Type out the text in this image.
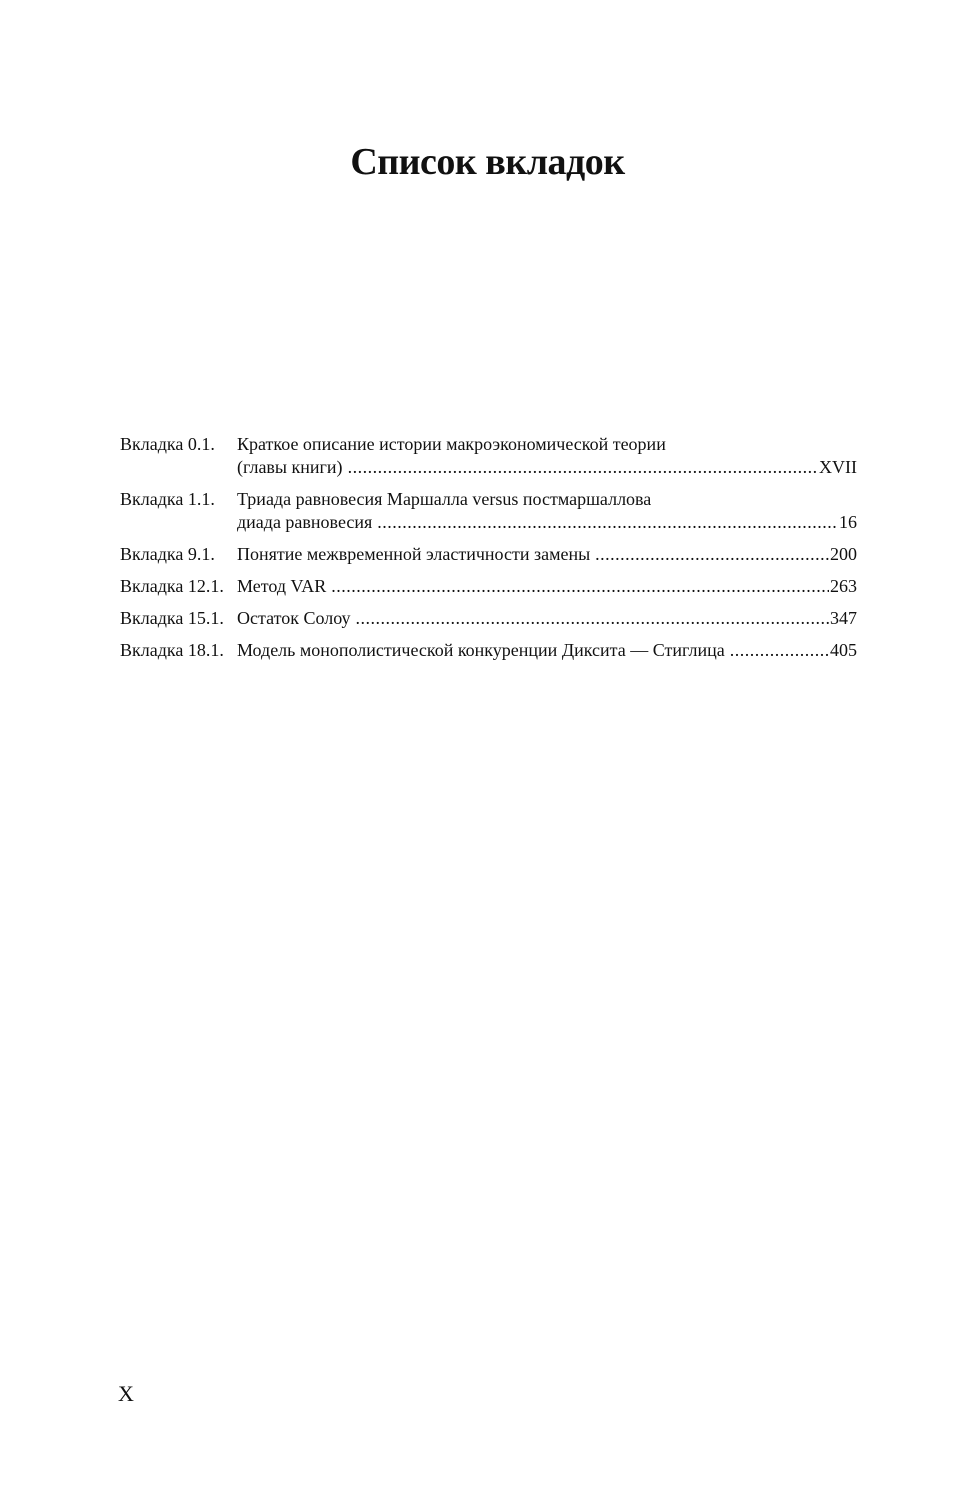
Список вкладок
Вкладка 0.1.	Краткое описание истории макроэкономической теории
(главы книги) .....	XVII
Вкладка 1.1.	Триада равновесия Маршалла versus постмаршаллова
диада равновесия .....	16
Вкладка 9.1.	Понятие межвременной эластичности замены .....	200
Вкладка 12.1. Метод VAR .....	263
Вкладка 15.1. Остаток Солоу .....	347
Вкладка 18.1. Модель монополистической конкуренции Диксита — Стиглица .....	405
X
